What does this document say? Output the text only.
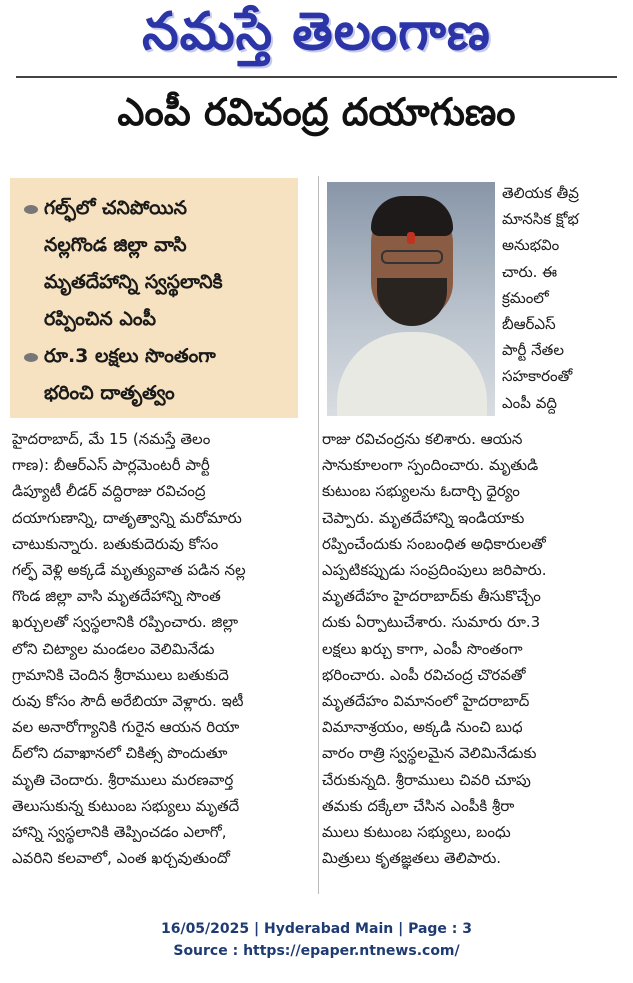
నమస్తే తెలంగాణ
ఎంపీ రవిచంద్ర దయాగుణం
గల్ఫ్‌లో చనిపోయిన
నల్లగొండ జిల్లా వాసి
మృతదేహాన్ని స్వస్థలానికి
రప్పించిన ఎంపీ
రూ.3 లక్షలు సొంతంగా
భరించి దాతృత్వం
తెలియక తీవ్ర
మానసిక క్షోభ
అనుభవిం
చారు. ఈ
క్రమంలో
బీఆర్ఎస్
పార్టీ నేతల
సహకారంతో
ఎంపీ వద్ది
హైదరాబాద్, మే 15 (నమస్తే తెలం
గాణ): బీఆర్ఎస్ పార్లమెంటరీ పార్టీ
డిప్యూటీ లీడర్ వద్దిరాజు రవిచంద్ర
దయాగుణాన్ని, దాతృత్వాన్ని మరోమారు
చాటుకున్నారు. బతుకుదెరువు కోసం
గల్ఫ్ వెళ్లి అక్కడే మృత్యువాత పడిన నల్ల
గొండ జిల్లా వాసి మృతదేహాన్ని సొంత
ఖర్చులతో స్వస్థలానికి రప్పించారు. జిల్లా
లోని చిట్యాల మండలం వెలిమినేడు
గ్రామానికి చెందిన శ్రీరాములు బతుకుదె
రువు కోసం సౌదీ అరేబియా వెళ్లారు. ఇటీ
వల అనారోగ్యానికి గురైన ఆయన రియా
ద్‌లోని దవాఖానలో చికిత్స పొందుతూ
మృతి చెందారు. శ్రీరాములు మరణవార్త
తెలుసుకున్న కుటుంబ సభ్యులు మృతదే
హాన్ని స్వస్థలానికి తెప్పించడం ఎలాగో,
ఎవరిని కలవాలో, ఎంత ఖర్చవుతుందో
రాజు రవిచంద్రను కలిశారు. ఆయన
సానుకూలంగా స్పందించారు. మృతుడి
కుటుంబ సభ్యులను ఓదార్చి ధైర్యం
చెప్పారు. మృతదేహాన్ని ఇండియాకు
రప్పించేందుకు సంబంధిత అధికారులతో
ఎప్పటికప్పుడు సంప్రదింపులు జరిపారు.
మృతదేహం హైదరాబాద్‌కు తీసుకొచ్చేం
దుకు ఏర్పాటుచేశారు. సుమారు రూ.3
లక్షలు ఖర్చు కాగా, ఎంపీ సొంతంగా
భరించారు. ఎంపీ రవిచంద్ర చొరవతో
మృతదేహం విమానంలో హైదరాబాద్
విమానాశ్రయం, అక్కడి నుంచి బుధ
వారం రాత్రి స్వస్థలమైన వెలిమినేడుకు
చేరుకున్నది. శ్రీరాములు చివరి చూపు
తమకు దక్కేలా చేసిన ఎంపీకి శ్రీరా
ములు కుటుంబ సభ్యులు, బంధు
మిత్రులు కృతజ్ఞతలు తెలిపారు.
16/05/2025 | Hyderabad Main | Page : 3
Source : https://epaper.ntnews.com/
